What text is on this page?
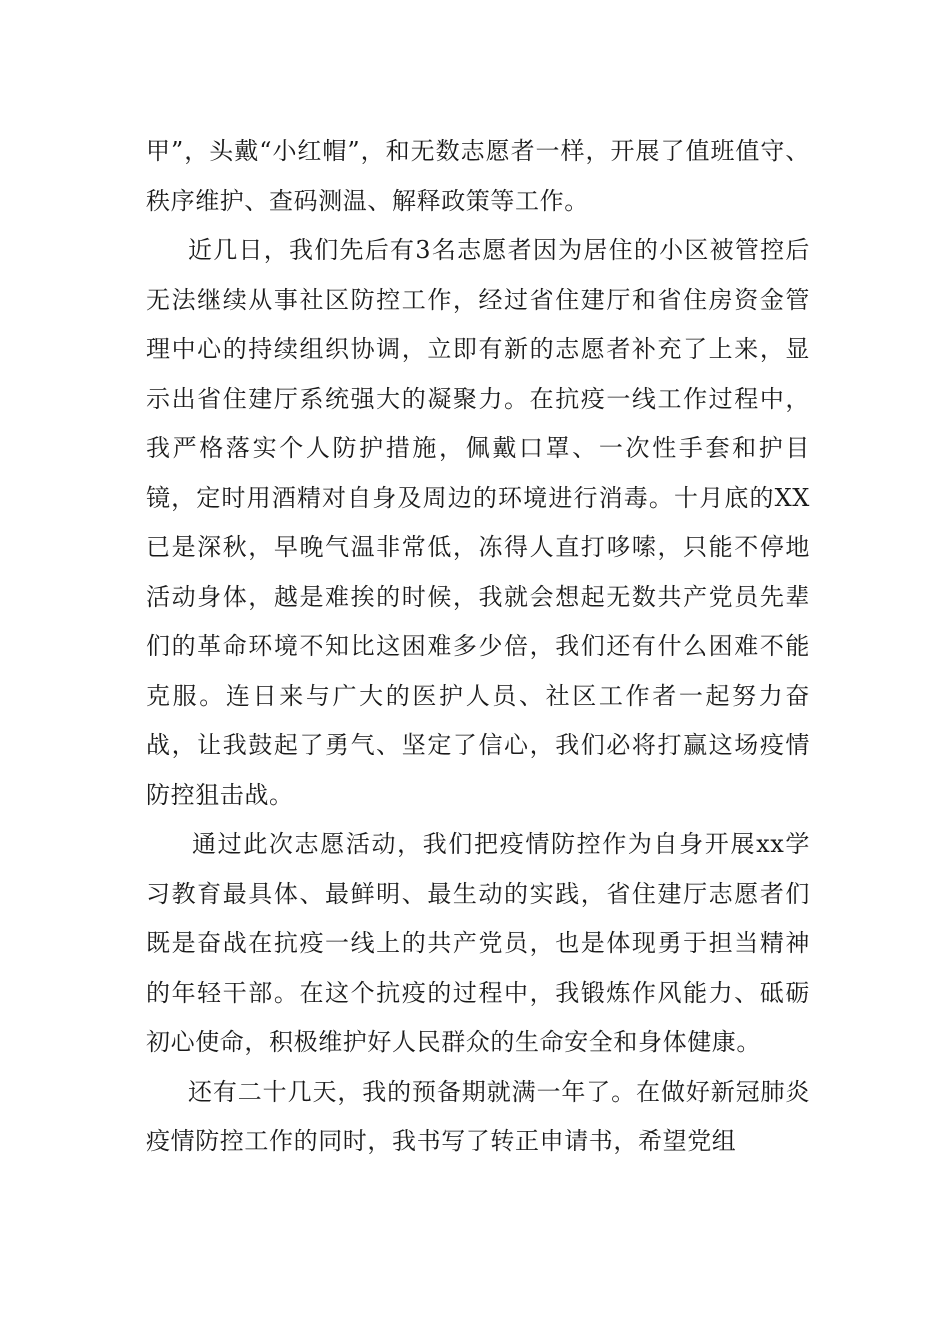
甲”，头戴“小红帽”，和无数志愿者一样，开展了值班值守、秩序维护、查码测温、解释政策等工作。

近几日，我们先后有3名志愿者因为居住的小区被管控后无法继续从事社区防控工作，经过省住建厅和省住房资金管理中心的持续组织协调，立即有新的志愿者补充了上来，显示出省住建厅系统强大的凝聚力。在抗疫一线工作过程中，我严格落实个人防护措施，佩戴口罩、一次性手套和护目镜，定时用酒精对自身及周边的环境进行消毒。十月底的XX已是深秋，早晚气温非常低，冻得人直打哆嗦，只能不停地活动身体，越是难挨的时候，我就会想起无数共产党员先辈们的革命环境不知比这困难多少倍，我们还有什么困难不能克服。连日来与广大的医护人员、社区工作者一起努力奋战，让我鼓起了勇气、坚定了信心，我们必将打赢这场疫情防控狙击战。

通过此次志愿活动，我们把疫情防控作为自身开展xx学习教育最具体、最鲜明、最生动的实践，省住建厅志愿者们既是奋战在抗疫一线上的共产党员，也是体现勇于担当精神的年轻干部。在这个抗疫的过程中，我锻炼作风能力、砥砺初心使命，积极维护好人民群众的生命安全和身体健康。

还有二十几天，我的预备期就满一年了。在做好新冠肺炎疫情防控工作的同时，我书写了转正申请书，希望党组
